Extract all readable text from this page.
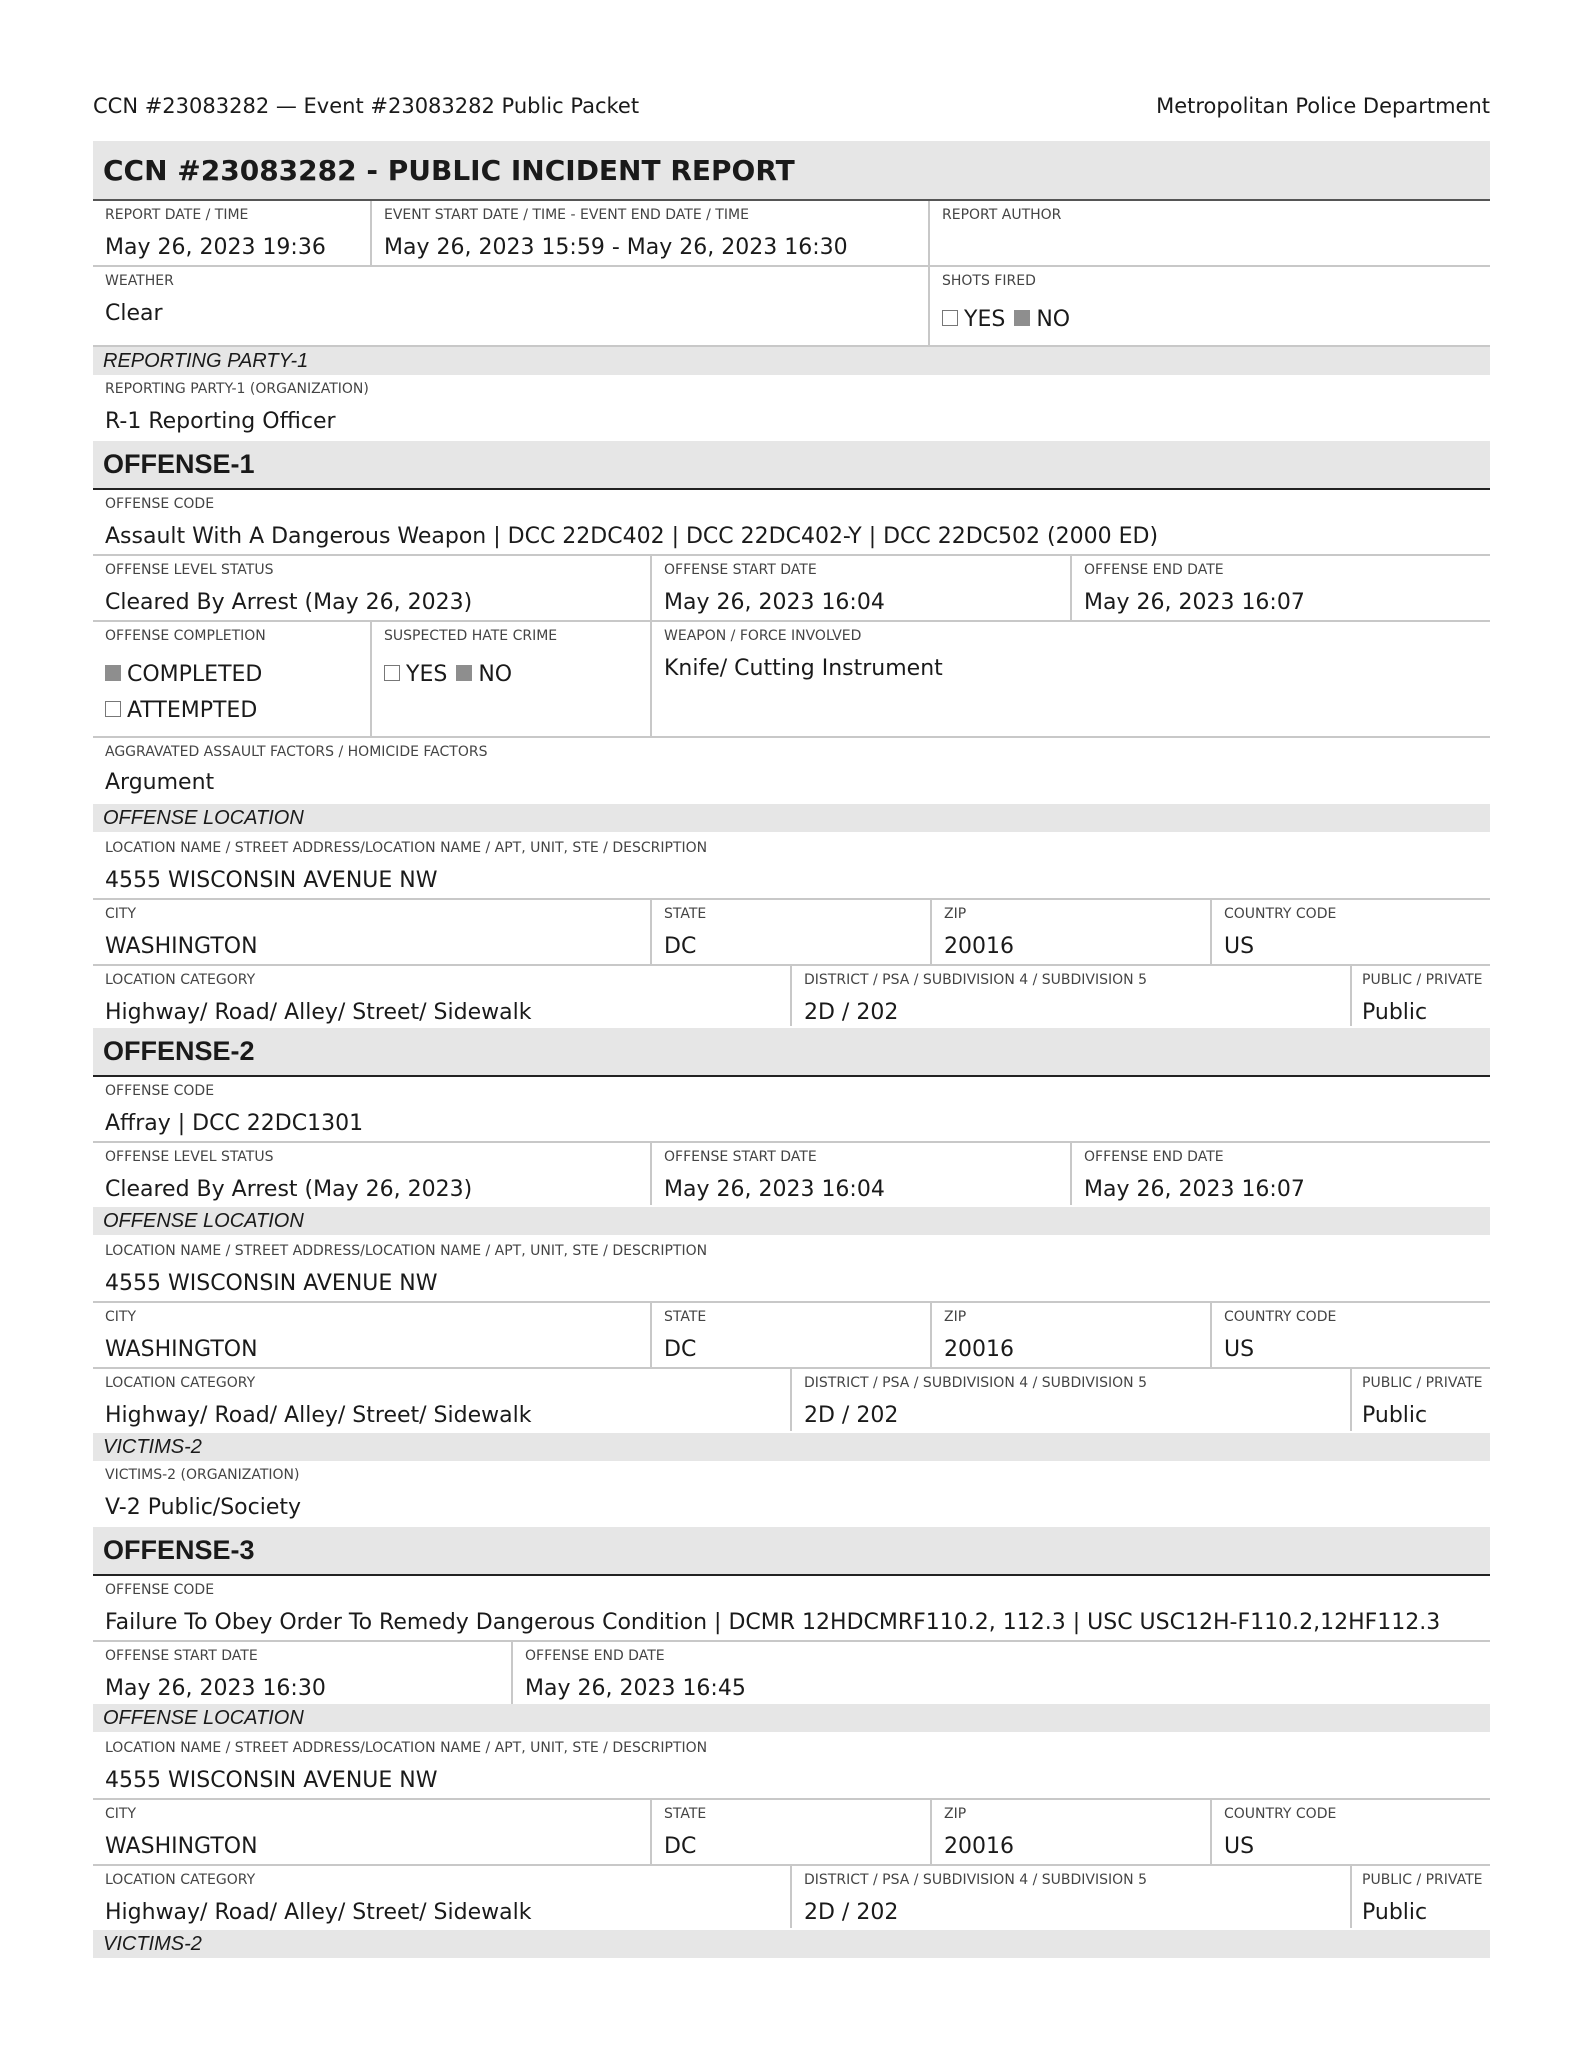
CCN #23083282 — Event #23083282 Public Packet	Metropolitan Police Department
CCN #23083282 - PUBLIC INCIDENT REPORT
REPORT DATE / TIME
May 26, 2023 19:36
EVENT START DATE / TIME - EVENT END DATE / TIME
May 26, 2023 15:59 - May 26, 2023 16:30
REPORT AUTHOR
WEATHER
Clear
SHOTS FIRED
YES NO
REPORTING PARTY-1
REPORTING PARTY-1 (ORGANIZATION)
R-1 Reporting Officer
OFFENSE-1
OFFENSE CODE
Assault With A Dangerous Weapon | DCC 22DC402 | DCC 22DC402-Y | DCC 22DC502 (2000 ED)
OFFENSE LEVEL STATUS
Cleared By Arrest (May 26, 2023)
OFFENSE START DATE
May 26, 2023 16:04
OFFENSE END DATE
May 26, 2023 16:07
OFFENSE COMPLETION
COMPLETED
ATTEMPTED
SUSPECTED HATE CRIME
YES NO
WEAPON / FORCE INVOLVED
Knife/ Cutting Instrument
AGGRAVATED ASSAULT FACTORS / HOMICIDE FACTORS
Argument
OFFENSE LOCATION
LOCATION NAME / STREET ADDRESS/LOCATION NAME / APT, UNIT, STE / DESCRIPTION
4555 WISCONSIN AVENUE NW
CITY
WASHINGTON
STATE
DC
ZIP
20016
COUNTRY CODE
US
LOCATION CATEGORY
Highway/ Road/ Alley/ Street/ Sidewalk
DISTRICT / PSA / SUBDIVISION 4 / SUBDIVISION 5
2D / 202
PUBLIC / PRIVATE
Public
OFFENSE-2
OFFENSE CODE
Affray | DCC 22DC1301
OFFENSE LEVEL STATUS
Cleared By Arrest (May 26, 2023)
OFFENSE START DATE
May 26, 2023 16:04
OFFENSE END DATE
May 26, 2023 16:07
OFFENSE LOCATION
LOCATION NAME / STREET ADDRESS/LOCATION NAME / APT, UNIT, STE / DESCRIPTION
4555 WISCONSIN AVENUE NW
CITY
WASHINGTON
STATE
DC
ZIP
20016
COUNTRY CODE
US
LOCATION CATEGORY
Highway/ Road/ Alley/ Street/ Sidewalk
DISTRICT / PSA / SUBDIVISION 4 / SUBDIVISION 5
2D / 202
PUBLIC / PRIVATE
Public
VICTIMS-2
VICTIMS-2 (ORGANIZATION)
V-2 Public/Society
OFFENSE-3
OFFENSE CODE
Failure To Obey Order To Remedy Dangerous Condition | DCMR 12HDCMRF110.2, 112.3 | USC USC12H-F110.2,12HF112.3
OFFENSE START DATE
May 26, 2023 16:30
OFFENSE END DATE
May 26, 2023 16:45
OFFENSE LOCATION
LOCATION NAME / STREET ADDRESS/LOCATION NAME / APT, UNIT, STE / DESCRIPTION
4555 WISCONSIN AVENUE NW
CITY
WASHINGTON
STATE
DC
ZIP
20016
COUNTRY CODE
US
LOCATION CATEGORY
Highway/ Road/ Alley/ Street/ Sidewalk
DISTRICT / PSA / SUBDIVISION 4 / SUBDIVISION 5
2D / 202
PUBLIC / PRIVATE
Public
VICTIMS-2
